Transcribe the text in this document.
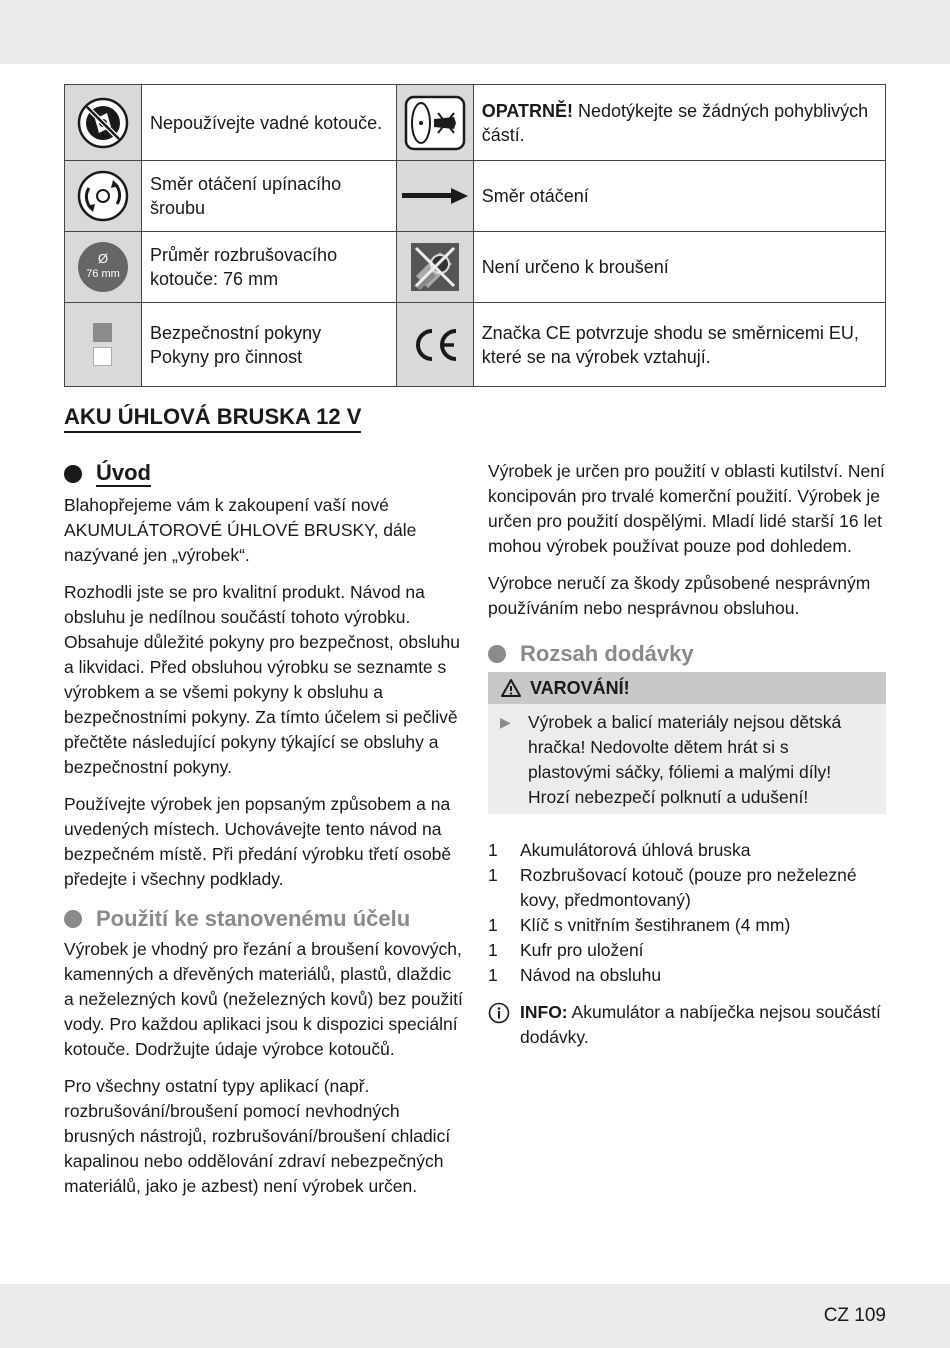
	Nepoužívejte vadné kotouče.		OPATRNĚ! Nedotýkejte se žádných pohyblivých částí.

	Směr otáčení upínacího šroubu		Směr otáčení

Ø
76 mm	Průměr rozbrušovacího kotouče: 76 mm		Není určeno k broušení

Bezpečnostní pokyny
Pokyny pro činnost		Značka CE potvrzuje shodu se směrnicemi EU, které se na výrobek vztahují.
AKU ÚHLOVÁ BRUSKA 12 V
Úvod

Blahopřejeme vám k zakoupení vaší nové AKUMULÁTOROVÉ ÚHLOVÉ BRUSKY, dále nazývané jen „výrobek“.

Rozhodli jste se pro kvalitní produkt. Návod na obsluhu je nedílnou součástí tohoto výrobku. Obsahuje důležité pokyny pro bezpečnost, obsluhu a likvidaci. Před obsluhou výrobku se seznamte s výrobkem a se všemi pokyny k obsluhu a bezpečnostními pokyny. Za tímto účelem si pečlivě přečtěte následující pokyny týkající se obsluhy a bezpečnostní pokyny.

Používejte výrobek jen popsaným způsobem a na uvedených místech. Uchovávejte tento návod na bezpečném místě. Při předání výrobku třetí osobě předejte i všechny podklady.

Použití ke stanovenému účelu

Výrobek je vhodný pro řezání a broušení kovových, kamenných a dřevěných materiálů, plastů, dlaždic a neželezných kovů (neželezných kovů) bez použití vody. Pro každou aplikaci jsou k dispozici speciální kotouče. Dodržujte údaje výrobce kotoučů.

Pro všechny ostatní typy aplikací (např. rozbrušování/broušení pomocí nevhodných brusných nástrojů, rozbrušování/broušení chladicí kapalinou nebo oddělování zdraví nebezpečných materiálů, jako je azbest) není výrobek určen.

Výrobek je určen pro použití v oblasti kutilství. Není koncipován pro trvalé komerční použití. Výrobek je určen pro použití dospělými. Mladí lidé starší 16 let mohou výrobek používat pouze pod dohledem.

Výrobce neručí za škody způsobené nesprávným používáním nebo nesprávnou obsluhou.

Rozsah dodávky
VAROVÁNÍ!
▶ Výrobek a balicí materiály nejsou dětská hračka! Nedovolte dětem hrát si s plastovými sáčky, fóliemi a malými díly! Hrozí nebezpečí polknutí a udušení!
1	Akumulátorová úhlová bruska
1	Rozbrušovací kotouč (pouze pro neželezné kovy, předmontovaný)
1	Klíč s vnitřním šestihranem (4 mm)
1	Kufr pro uložení
1	Návod na obsluhu
INFO: Akumulátor a nabíječka nejsou součástí dodávky.
CZ 109
